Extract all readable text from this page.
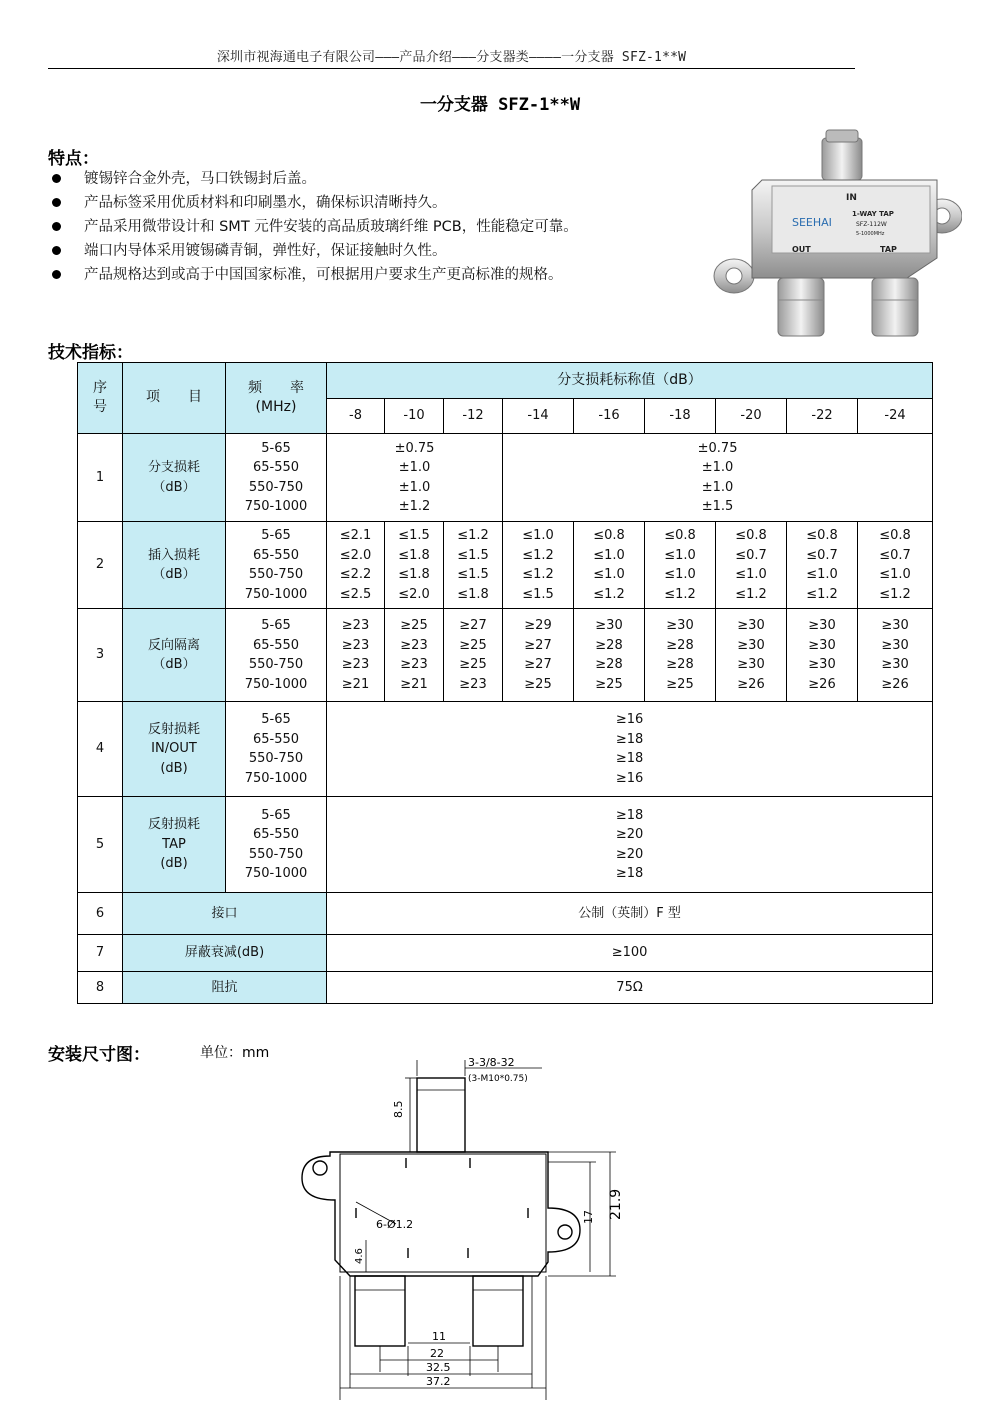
深圳市视海通电子有限公司———产品介绍———分支器类————一分支器 SFZ-1**W
一分支器 SFZ-1**W
特点：
镀锡锌合金外壳，马口铁锡封后盖。
产品标签采用优质材料和印刷墨水，确保标识清晰持久。
产品采用微带设计和 SMT 元件安装的高品质玻璃纤维 PCB，性能稳定可靠。
端口内导体采用镀锡磷青铜，弹性好，保证接触时久性。
产品规格达到或高于中国国家标准，可根据用户要求生产更高标准的规格。
IN
SEEHAI
1-WAY TAP
SFZ-112W
5-1000MHz
OUT	TAP
技术指标：
序
号	项　　目	频　　率
(MHz)	分支损耗标称值（dB）								
			-8	-10	-12	-14	-16	-18	-20	-22	-24
1	分支损耗
（dB）	5-65
65-550
550-750
750-1000	±0.75
±1.0
±1.0
±1.2			±0.75
±1.0
±1.0
±1.5					
2	插入损耗
（dB）	5-65
65-550
550-750
750-1000	≤2.1
≤2.0
≤2.2
≤2.5	≤1.5
≤1.8
≤1.8
≤2.0	≤1.2
≤1.5
≤1.5
≤1.8	≤1.0
≤1.2
≤1.2
≤1.5	≤0.8
≤1.0
≤1.0
≤1.2	≤0.8
≤1.0
≤1.0
≤1.2	≤0.8
≤0.7
≤1.0
≤1.2	≤0.8
≤0.7
≤1.0
≤1.2	≤0.8
≤0.7
≤1.0
≤1.2
3	反向隔离
（dB）	5-65
65-550
550-750
750-1000	≥23
≥23
≥23
≥21	≥25
≥23
≥23
≥21	≥27
≥25
≥25
≥23	≥29
≥27
≥27
≥25	≥30
≥28
≥28
≥25	≥30
≥28
≥28
≥25	≥30
≥30
≥30
≥26	≥30
≥30
≥30
≥26	≥30
≥30
≥30
≥26
4	反射损耗
IN/OUT
(dB)	5-65
65-550
550-750
750-1000	≥16
≥18
≥18
≥16								
5	反射损耗
TAP
(dB)	5-65
65-550
550-750
750-1000	≥18
≥20
≥20
≥18								
6	接口		公制（英制）F 型								
7	屏蔽衰减(dB)		≥100								
8	阻抗		75Ω								
安装尺寸图：	单位：mm
3-3/8-32
(3-M10*0.75)
8.5
6-Ø1.2
4.6
17 21.9
11
22
32.5
37.2
